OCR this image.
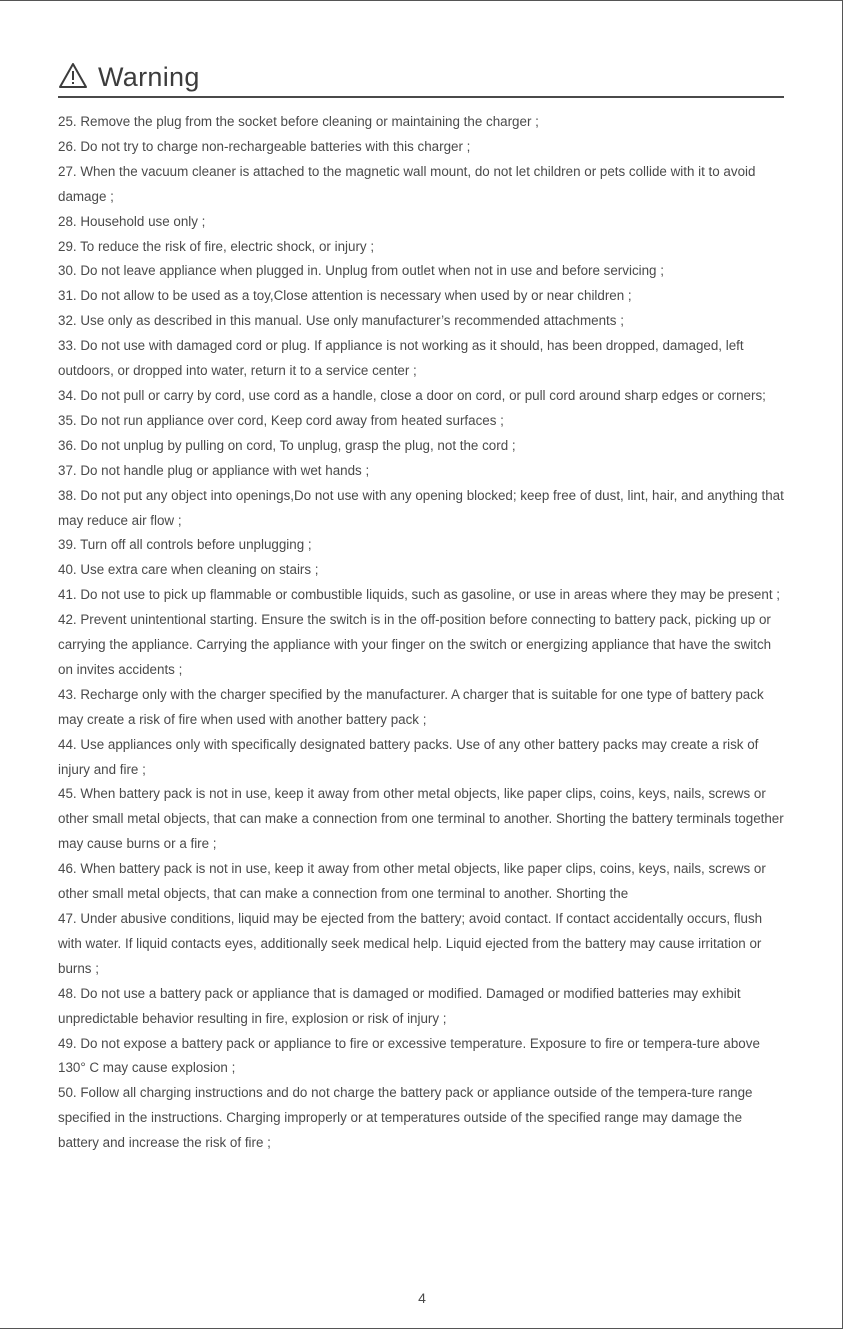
Warning

25. Remove the plug from the socket before cleaning or maintaining the charger ;

26. Do not try to charge non-rechargeable batteries with this charger ;

27. When the vacuum cleaner is attached to the magnetic wall mount, do not let children or pets collide with it to avoid damage ;

28. Household use only ;

29. To reduce the risk of fire, electric shock, or injury ;

30. Do not leave appliance when plugged in. Unplug from outlet when not in use and before servicing ;

31. Do not allow to be used as a toy,Close attention is necessary when used by or near children ;

32. Use only as described in this manual. Use only manufacturer’s recommended attachments ;

33. Do not use with damaged cord or plug. If appliance is not working as it should, has been dropped, damaged, left outdoors, or dropped into water, return it to a service center ;

34. Do not pull or carry by cord, use cord as a handle, close a door on cord, or pull cord around sharp edges or corners;

35. Do not run appliance over cord, Keep cord away from heated surfaces ;

36. Do not unplug by pulling on cord, To unplug, grasp the plug, not the cord ;

37. Do not handle plug or appliance with wet hands ;

38. Do not put any object into openings,Do not use with any opening blocked; keep free of dust, lint, hair, and anything that may reduce air flow ;

39. Turn off all controls before unplugging ;

40. Use extra care when cleaning on stairs ;

41. Do not use to pick up flammable or combustible liquids, such as gasoline, or use in areas where they may be present ;

42. Prevent unintentional starting. Ensure the switch is in the off-position before connecting to battery pack, picking up or carrying the appliance. Carrying the appliance with your finger on the switch or energizing appliance that have the switch on invites accidents ;

43. Recharge only with the charger specified by the manufacturer. A charger that is suitable for one type of battery pack may create a risk of fire when used with another battery pack ;

44. Use appliances only with specifically designated battery packs. Use of any other battery packs may create a risk of injury and fire ;

45. When battery pack is not in use, keep it away from other metal objects, like paper clips, coins, keys, nails, screws or other small metal objects, that can make a connection from one terminal to another. Shorting the battery terminals together may cause burns or a fire ;

46. When battery pack is not in use, keep it away from other metal objects, like paper clips, coins, keys, nails, screws or other small metal objects, that can make a connection from one terminal to another. Shorting the

47. Under abusive conditions, liquid may be ejected from the battery; avoid contact. If contact accidentally occurs, flush with water. If liquid contacts eyes, additionally seek medical help. Liquid ejected from the battery may cause irritation or burns ;

48. Do not use a battery pack or appliance that is damaged or modified. Damaged or modified batteries may exhibit unpredictable behavior resulting in fire, explosion or risk of injury ;

49. Do not expose a battery pack or appliance to fire or excessive temperature. Exposure to fire or tempera-ture above 130° C may cause explosion ;

50. Follow all charging instructions and do not charge the battery pack or appliance outside of the tempera-ture range specified in the instructions. Charging improperly or at temperatures outside of the specified range may damage the battery and increase the risk of fire ;

4
